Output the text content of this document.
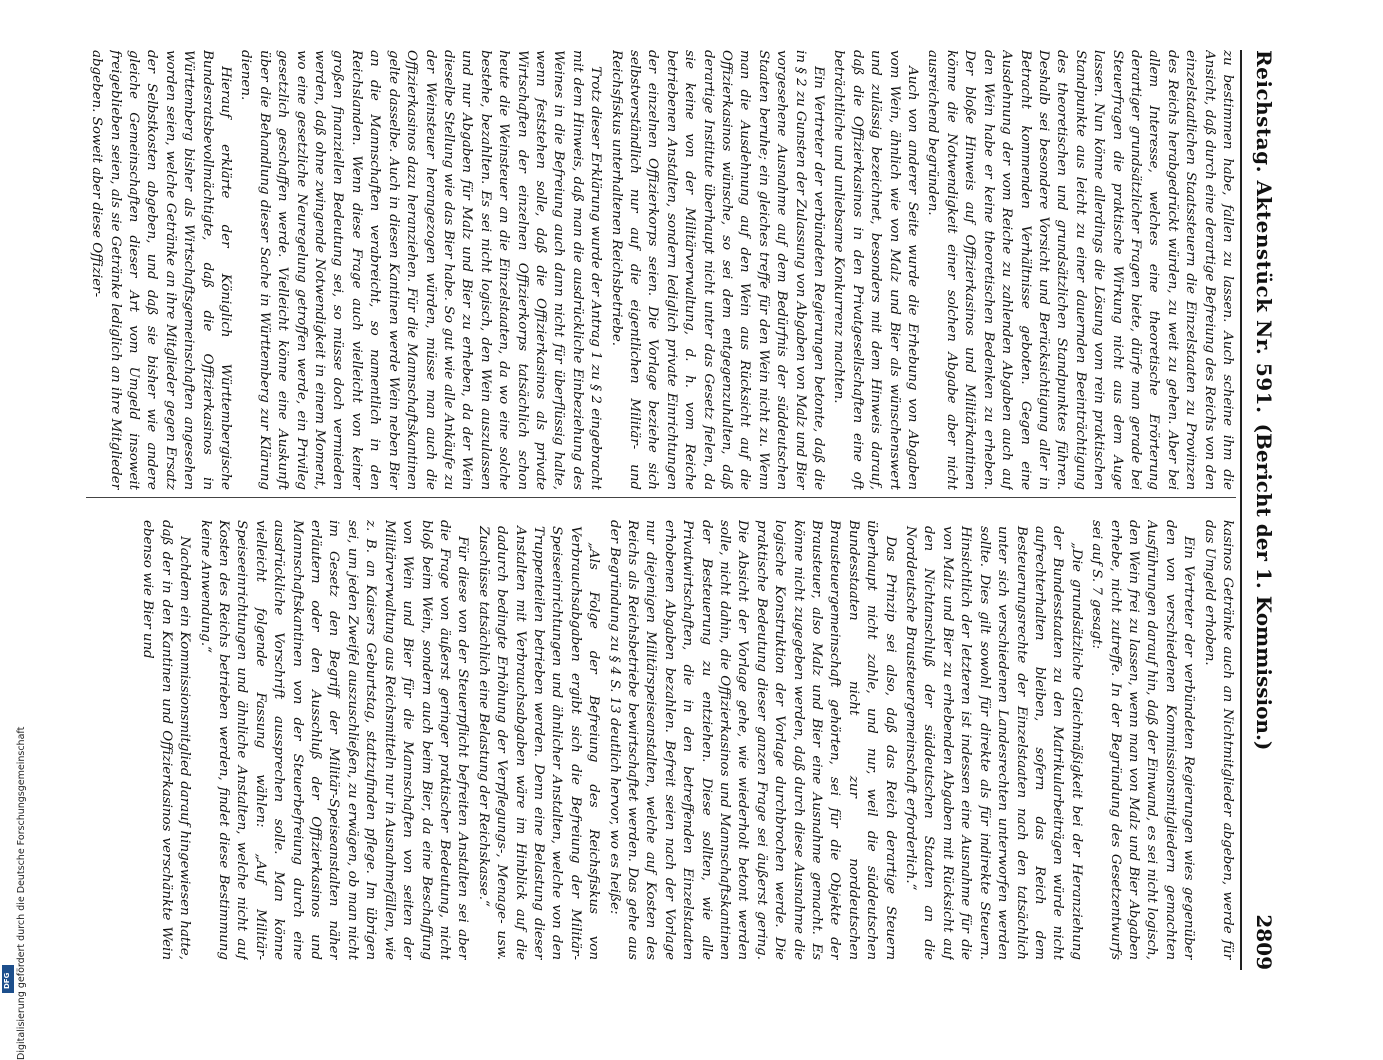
Reichstag. Aktenstück Nr. 591.
(Bericht der 1. Kommission.)  2809

zu bestimmen habe, fallen zu lassen. Auch scheine ihm die Ansicht, daß durch eine derartige Befreiung des Reichs von den einzelstaatlichen Staatssteuern die Einzelstaaten zu Provinzen des Reichs herabgedrückt würden, zu weit zu gehen. Aber bei allem Interesse, welches eine theoretische Erörterung derartiger grundsätzlicher Fragen biete, dürfe man gerade bei Steuerfragen die praktische Wirkung nicht aus dem Auge lassen. Nun könne allerdings die Lösung vom rein praktischen Standpunkte aus leicht zu einer dauernden Beeinträchtigung des theoretischen und grundsätzlichen Standpunktes führen. Deshalb sei besondere Vorsicht und Berücksichtigung aller in Betracht kommenden Verhältnisse geboten. Gegen eine Ausdehnung der vom Reiche zu zahlenden Abgaben auch auf den Wein habe er keine theoretischen Bedenken zu erheben. Der bloße Hinweis auf Offizierkasinos und Militärkantinen könne die Notwendigkeit einer solchen Abgabe aber nicht ausreichend begründen.

Auch von anderer Seite wurde die Erhebung von Abgaben vom Wein, ähnlich wie von Malz und Bier als wünschenswert und zulässig bezeichnet, besonders mit dem Hinweis darauf, daß die Offizierkasinos in den Privatgesellschaften eine oft beträchtliche und unliebsame Konkurrenz machten.

Ein Vertreter der verbündeten Regierungen betonte, daß die in § 2 zu Gunsten der Zulassung von Abgaben von Malz und Bier vorgesehene Ausnahme auf dem Bedürfnis der süddeutschen Staaten beruhe; ein gleiches treffe für den Wein nicht zu. Wenn man die Ausdehnung auf den Wein aus Rücksicht auf die Offizierkasinos wünsche, so sei dem entgegenzuhalten, daß derartige Institute überhaupt nicht unter das Gesetz fielen, da sie keine von der Militärverwaltung, d. h. vom Reiche betriebenen Anstalten, sondern lediglich private Einrichtungen der einzelnen Offizierkorps seien. Die Vorlage beziehe sich selbstverständlich nur auf die eigentlichen Militär- und Reichsfiskus unterhaltenen Reichsbetriebe.

Trotz dieser Erklärung wurde der Antrag 1 zu § 2 eingebracht mit dem Hinweis, daß man die ausdrückliche Einbeziehung des Weines in die Befreiung auch dann nicht für überflüssig halte, wenn feststehen solle, daß die Offizierkasinos als private Wirtschaften der einzelnen Offizierkorps tatsächlich schon heute die Weinsteuer an die Einzelstaaten, da wo eine solche bestehe, bezahlten. Es sei nicht logisch, den Wein auszulassen und nur Abgaben für Malz und Bier zu erheben, da der Wein dieselbe Stellung wie das Bier habe. So gut wie alle Ankäufe zu der Weinsteuer herangezogen würden, müsse man auch die Offizierkasinos dazu heranziehen. Für die Mannschaftskantinen gelte dasselbe. Auch in diesen Kantinen werde Wein neben Bier an die Mannschaften verabreicht, so namentlich in den Reichslanden. Wenn diese Frage auch vielleicht von keiner großen finanziellen Bedeutung sei, so müsse doch vermieden werden, daß ohne zwingende Notwendigkeit in einem Moment, wo eine gesetzliche Neuregelung getroffen werde, ein Privileg gesetzlich geschaffen werde. Vielleicht könne eine Auskunft über die Behandlung dieser Sache in Württemberg zur Klärung dienen.

Hierauf erklärte der Königlich Württembergische Bundesratsbevollmächtigte, daß die Offizierkasinos in Württemberg bisher als Wirtschaftsgemeinschaften angesehen worden seien, welche Getränke an ihre Mitglieder gegen Ersatz der Selbstkosten abgeben, und daß sie bisher wie andere gleiche Gemeinschaften dieser Art vom Umgeld insoweit freigeblieben seien, als sie Getränke lediglich an ihre Mitglieder abgeben. Soweit aber diese Offizier-

kasinos Getränke auch an Nichtmitglieder abgeben, werde für das Umgeld erhoben.

Ein Vertreter der verbündeten Regierungen wies gegenüber den von verschiedenen Kommissionsmitgliedern gemachten Ausführungen darauf hin, daß der Einwand, es sei nicht logisch, den Wein frei zu lassen, wenn man von Malz und Bier Abgaben erhebe, nicht zutreffe. In der Begründung des Gesetzentwurfs sei auf S. 7 gesagt:

„Die grundsätzliche Gleichmäßigkeit bei der Heranziehung der Bundesstaaten zu den Matrikularbeiträgen würde nicht aufrechterhalten bleiben, sofern das Reich dem Besteuerungsrechte der Einzelstaaten nach den tatsächlich unter sich verschiedenen Landesrechten unterworfen werden sollte. Dies gilt sowohl für direkte als für indirekte Steuern. Hinsichtlich der letzteren ist indessen eine Ausnahme für die von Malz und Bier zu erhebenden Abgaben mit Rücksicht auf den Nichtanschluß der süddeutschen Staaten an die Norddeutsche Brausteuergemeinschaft erforderlich.“

Das Prinzip sei also, daß das Reich derartige Steuern überhaupt nicht zahle, und nur, weil die süddeutschen Bundesstaaten nicht zur norddeutschen Brausteuergemeinschaft gehörten, sei für die Objekte der Brausteuer, also Malz und Bier eine Ausnahme gemacht. Es könne nicht zugegeben werden, daß durch diese Ausnahme die logische Konstruktion der Vorlage durchbrochen werde. Die praktische Bedeutung dieser ganzen Frage sei äußerst gering. Die Absicht der Vorlage gehe, wie wiederholt betont werden solle, nicht dahin, die Offizierkasinos und Mannschaftskantinen der Besteuerung zu entziehen. Diese sollten, wie alle Privatwirtschaften, die in den betreffenden Einzelstaaten erhobenen Abgaben bezahlen. Befreit seien nach der Vorlage nur diejenigen Militärspeiseanstalten, welche auf Kosten des Reichs als Reichsbetriebe bewirtschaftet werden. Das gehe aus der Begründung zu § 4 S. 13 deutlich hervor, wo es heiße:

„Als Folge der Befreiung des Reichsfiskus von Verbrauchsabgaben ergibt sich die Befreiung der Militär-Speiseeinrichtungen und ähnlicher Anstalten, welche von den Truppenteilen betrieben werden. Denn eine Belastung dieser Anstalten mit Verbrauchsabgaben wäre im Hinblick auf die dadurch bedingte Erhöhung der Verpflegungs-, Menage- usw. Zuschüsse tatsächlich eine Belastung der Reichskasse.“

Für diese von der Steuerpflicht befreiten Anstalten sei aber die Frage von äußerst geringer praktischer Bedeutung, nicht bloß beim Wein, sondern auch beim Bier, da eine Beschaffung von Wein und Bier für die Mannschaften von seiten der Militärverwaltung aus Reichsmitteln nur in Ausnahmefällen, wie z. B. an Kaisers Geburtstag, stattzufinden pflege. Im übrigen sei, um jeden Zweifel auszuschließen, zu erwägen, ob man nicht im Gesetz den Begriff der Militär-Speiseanstalten näher erläutern oder den Ausschluß der Offizierkasinos und Mannschaftskantinen von der Steuerbefreiung durch eine ausdrückliche Vorschrift aussprechen solle. Man könne vielleicht folgende Fassung wählen: „Auf Militär-Speiseeinrichtungen und ähnliche Anstalten, welche nicht auf Kosten des Reichs betrieben werden, findet diese Bestimmung keine Anwendung.“

Nachdem ein Kommissionsmitglied darauf hingewiesen hatte, daß der in den Kantinen und Offizierkasinos verschänkte Wein ebenso wie Bier und

Digitalisierung gefördert durch die Deutsche Forschungsgemeinschaft
DFG
